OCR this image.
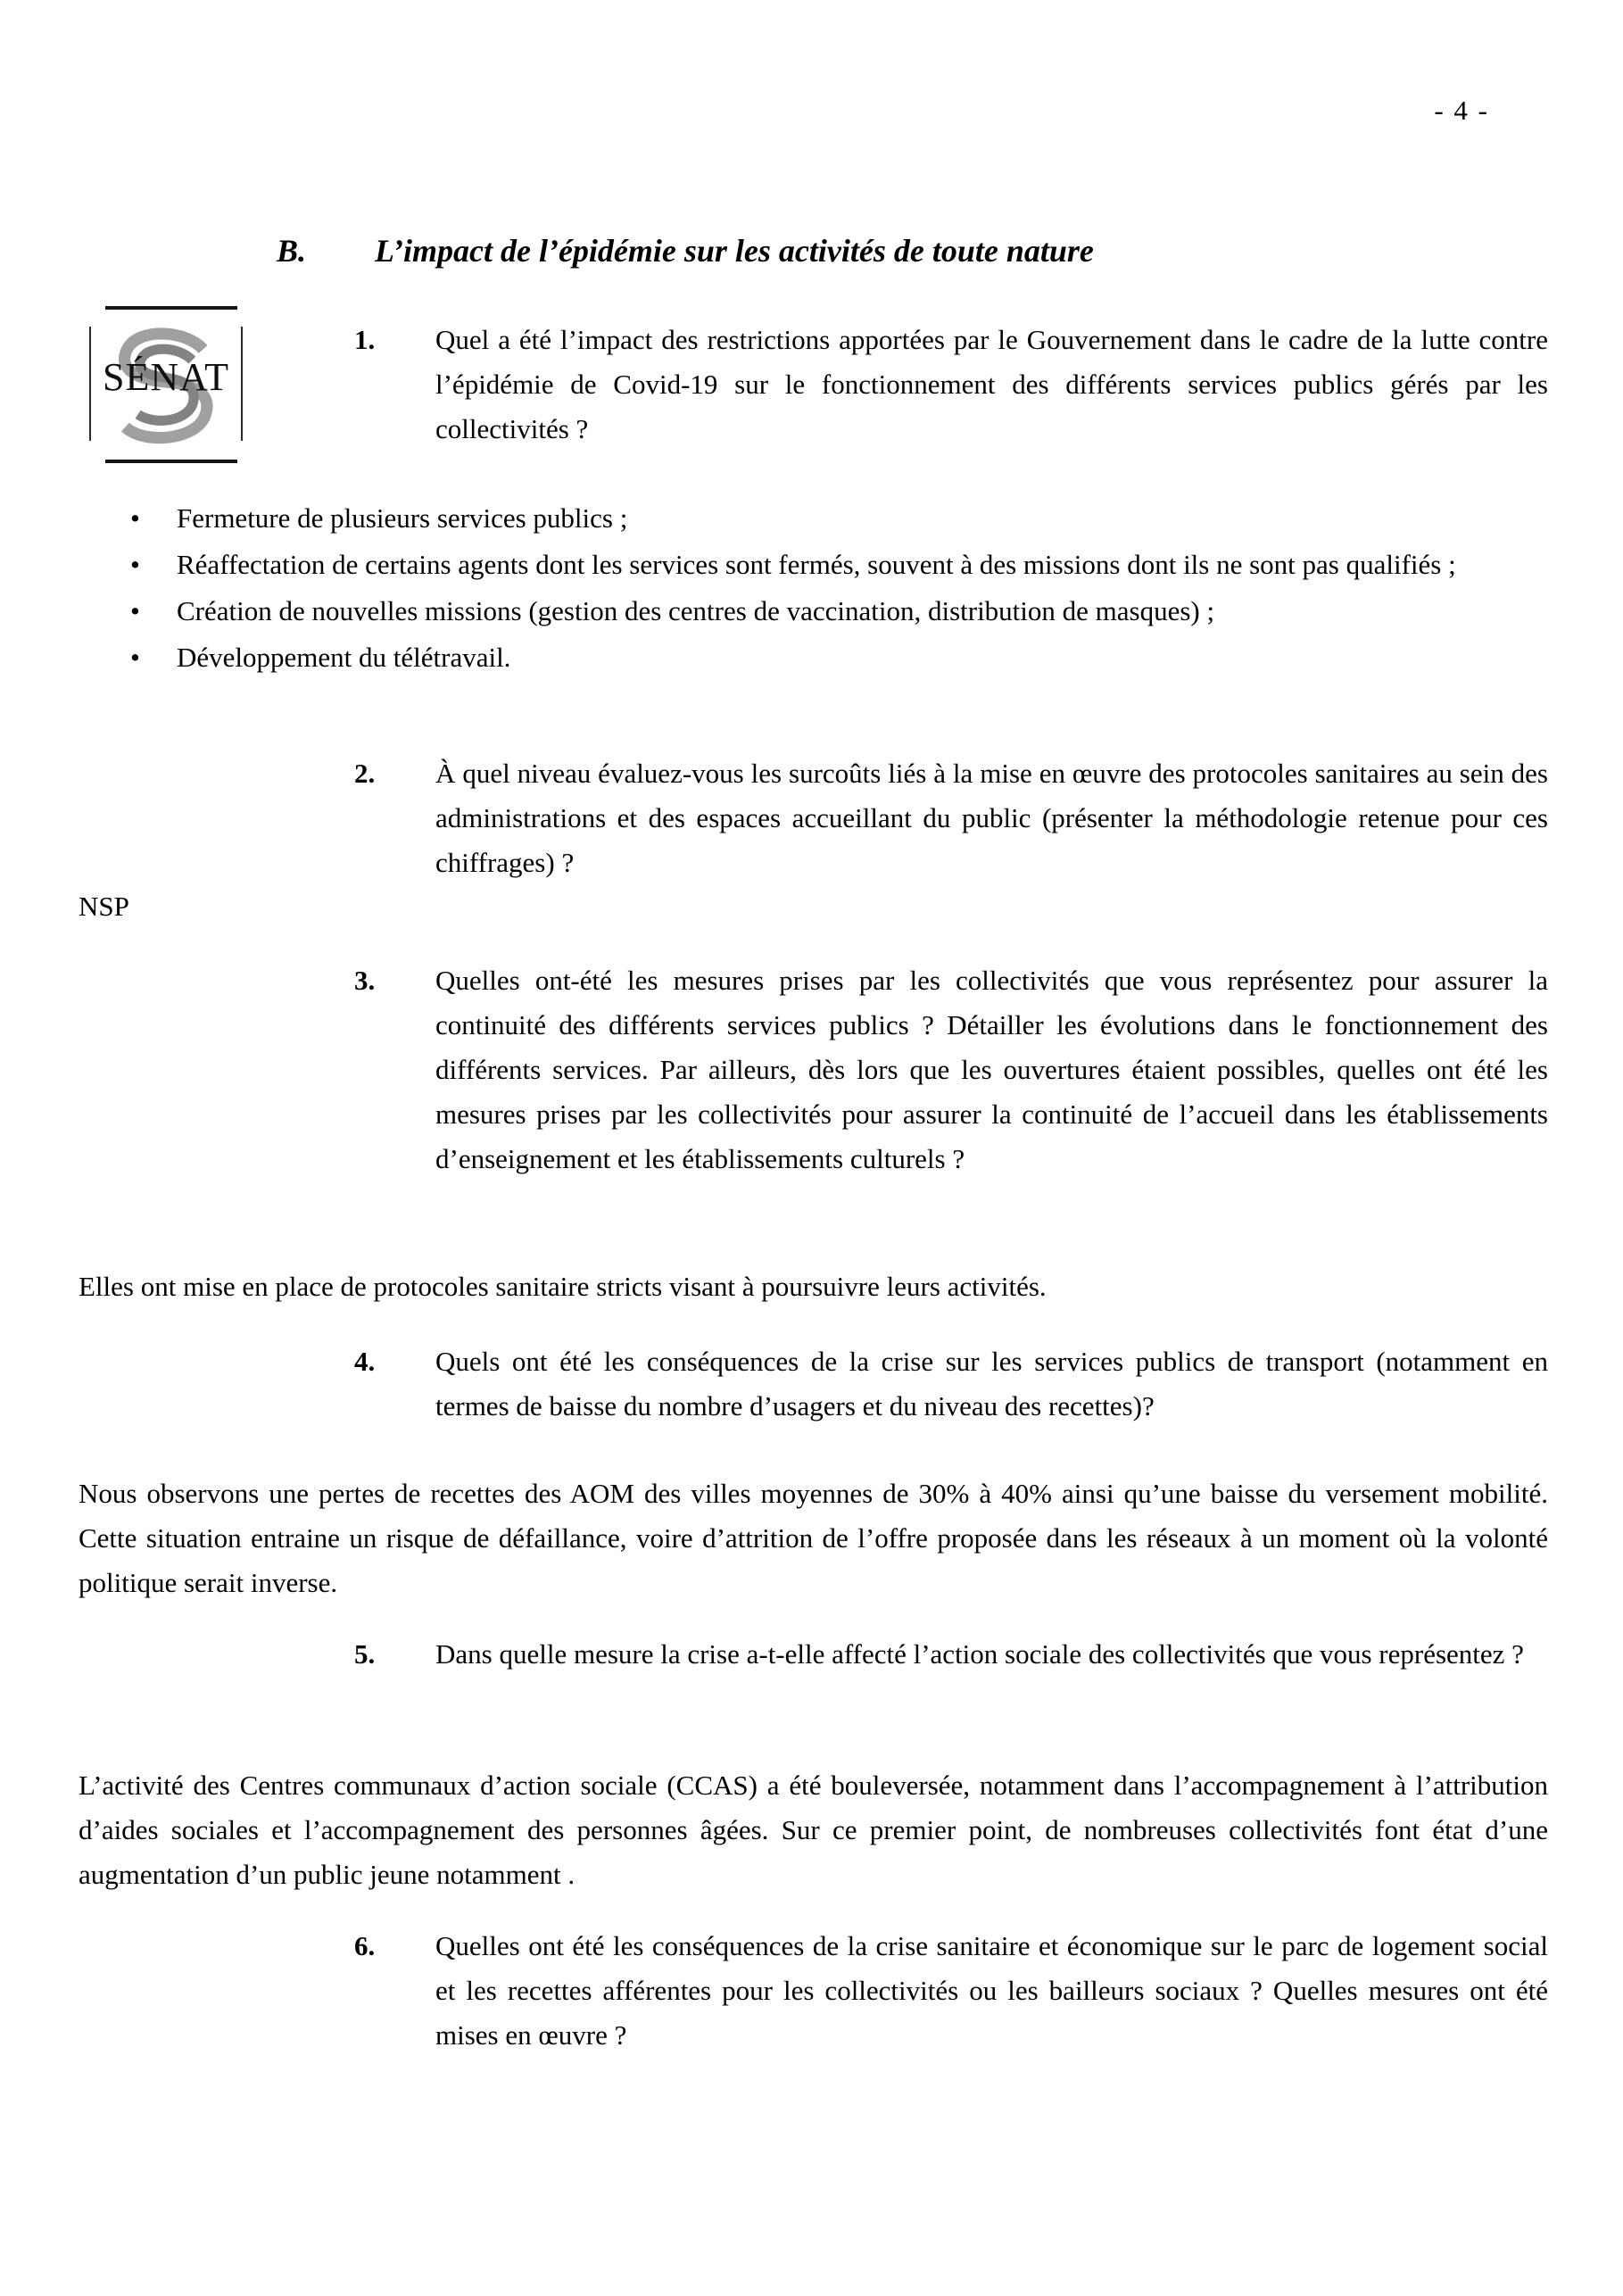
- 4 -
B. L’impact de l’épidémie sur les activités de toute nature
SÉNAT
1.	Quel a été l’impact des restrictions apportées par le Gouvernement dans le cadre de la lutte contre l’épidémie de Covid-19 sur le fonctionnement des différents services publics gérés par les collectivités ?
•	Fermeture de plusieurs services publics ;
•	Réaffectation de certains agents dont les services sont fermés, souvent à des missions dont ils ne sont pas qualifiés ;
•	Création de nouvelles missions (gestion des centres de vaccination, distribution de masques) ;
•	Développement du télétravail.
2.	À quel niveau évaluez-vous les surcoûts liés à la mise en œuvre des protocoles sanitaires au sein des administrations et des espaces accueillant du public (présenter la méthodologie retenue pour ces chiffrages) ?
NSP
3.	Quelles ont-été les mesures prises par les collectivités que vous représentez pour assurer la continuité des différents services publics ? Détailler les évolutions dans le fonctionnement des différents services. Par ailleurs, dès lors que les ouvertures étaient possibles, quelles ont été les mesures prises par les collectivités pour assurer la continuité de l’accueil dans les établissements d’enseignement et les établissements culturels ?
Elles ont mise en place de protocoles sanitaire stricts visant à poursuivre leurs activités.
4.	Quels ont été les conséquences de la crise sur les services publics de transport (notamment en termes de baisse du nombre d’usagers et du niveau des recettes)?
Nous observons une pertes de recettes des AOM des villes moyennes de 30% à 40% ainsi qu’une baisse du versement mobilité. Cette situation entraine un risque de défaillance, voire d’attrition de l’offre proposée dans les réseaux à un moment où la volonté politique serait inverse.
5.	Dans quelle mesure la crise a-t-elle affecté l’action sociale des collectivités que vous représentez ?
L’activité des Centres communaux d’action sociale (CCAS) a été bouleversée, notamment dans l’accompagnement à l’attribution d’aides sociales et l’accompagnement des personnes âgées. Sur ce premier point, de nombreuses collectivités font état d’une augmentation d’un public jeune notamment .
6.	Quelles ont été les conséquences de la crise sanitaire et économique sur le parc de logement social et les recettes afférentes pour les collectivités ou les bailleurs sociaux ? Quelles mesures ont été mises en œuvre ?
